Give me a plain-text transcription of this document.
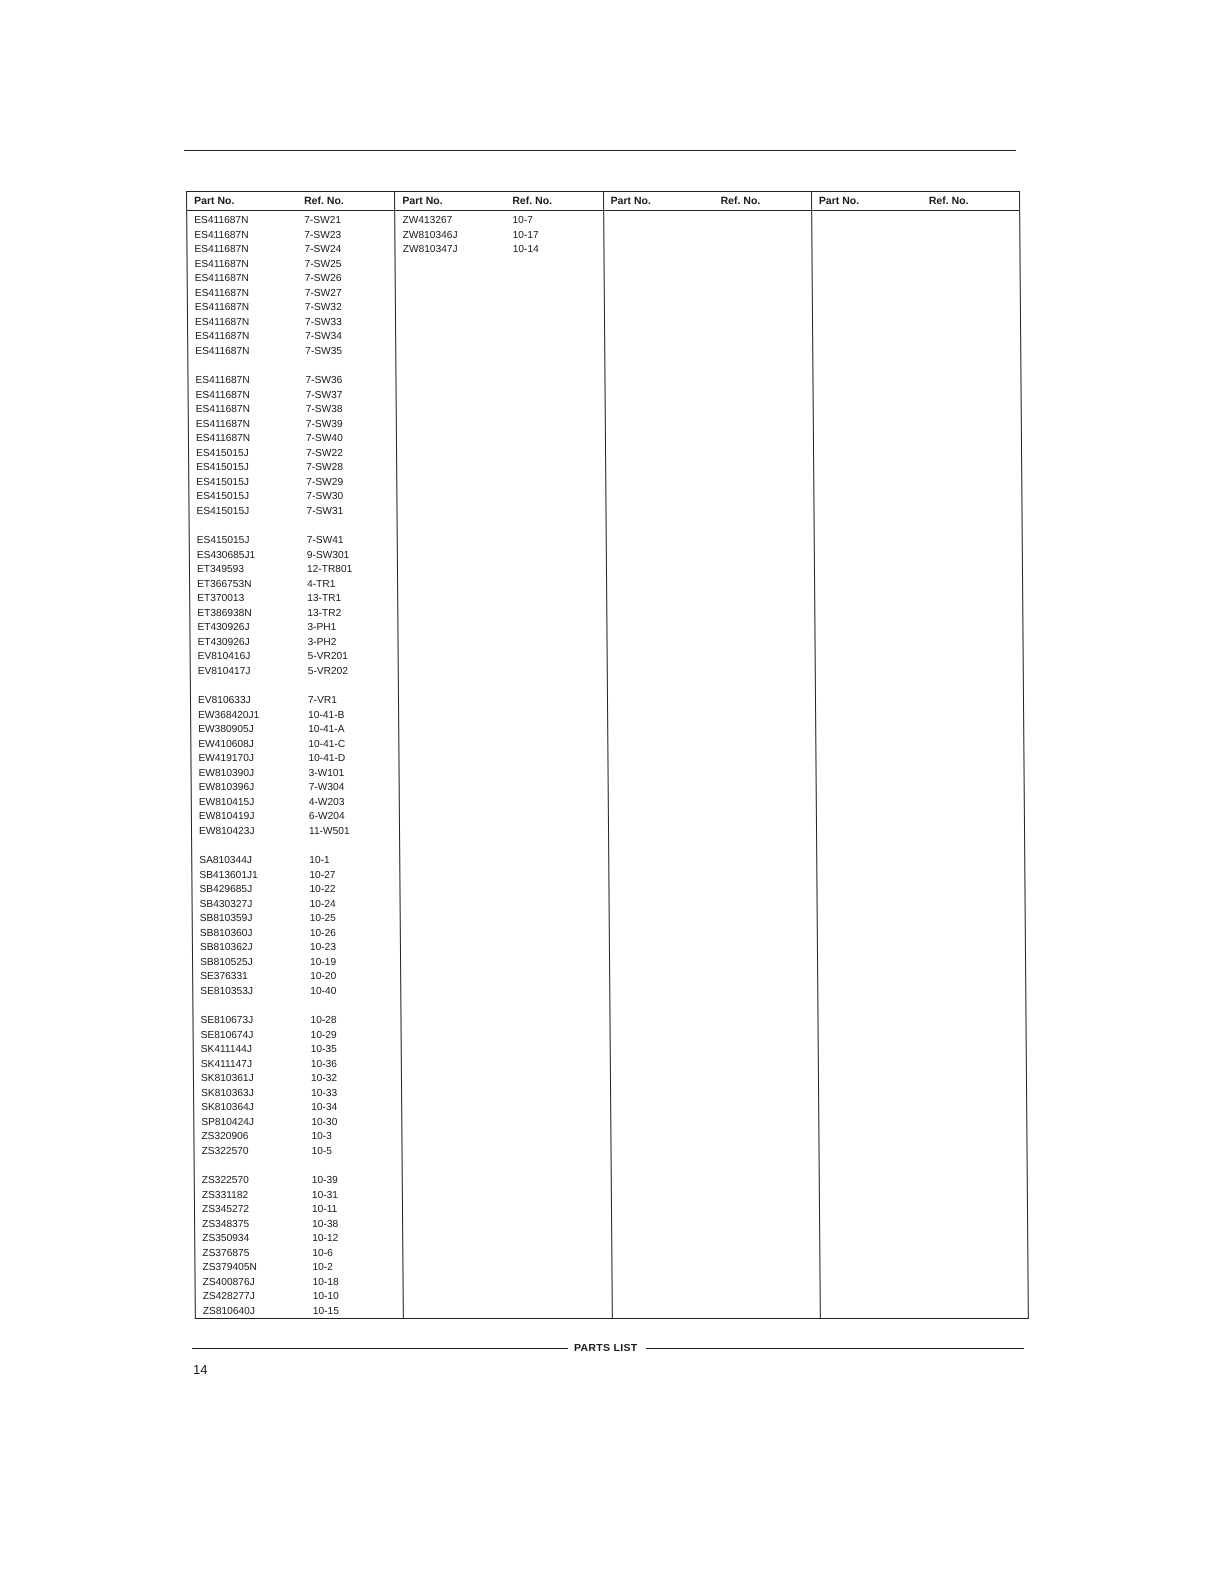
Part No.	Ref. No.
ES411687N	7-SW21
ES411687N	7-SW23
ES411687N	7-SW24
ES411687N	7-SW25
ES411687N	7-SW26
ES411687N	7-SW27
ES411687N	7-SW32
ES411687N	7-SW33
ES411687N	7-SW34
ES411687N	7-SW35
ES411687N	7-SW36
ES411687N	7-SW37
ES411687N	7-SW38
ES411687N	7-SW39
ES411687N	7-SW40
ES415015J	7-SW22
ES415015J	7-SW28
ES415015J	7-SW29
ES415015J	7-SW30
ES415015J	7-SW31
ES415015J	7-SW41
ES430685J1	9-SW301
ET349593	12-TR801
ET366753N	4-TR1
ET370013	13-TR1
ET386938N	13-TR2
ET430926J	3-PH1
ET430926J	3-PH2
EV810416J	5-VR201
EV810417J	5-VR202
EV810633J	7-VR1
EW368420J1	10-41-B
EW380905J	10-41-A
EW410608J	10-41-C
EW419170J	10-41-D
EW810390J	3-W101
EW810396J	7-W304
EW810415J	4-W203
EW810419J	6-W204
EW810423J	11-W501
SA810344J	10-1
SB413601J1	10-27
SB429685J	10-22
SB430327J	10-24
SB810359J	10-25
SB810360J	10-26
SB810362J	10-23
SB810525J	10-19
SE376331	10-20
SE810353J	10-40
SE810673J	10-28
SE810674J	10-29
SK411144J	10-35
SK411147J	10-36
SK810361J	10-32
SK810363J	10-33
SK810364J	10-34
SP810424J	10-30
ZS320906	10-3
ZS322570	10-5
ZS322570	10-39
ZS331182	10-31
ZS345272	10-11
ZS348375	10-38
ZS350934	10-12
ZS376875	10-6
ZS379405N	10-2
ZS400876J	10-18
ZS428277J	10-10
ZS810640J	10-15
Part No.	Ref. No.
ZW413267	10-7
ZW810346J	10-17
ZW810347J	10-14
Part No.	Ref. No.	Part No.	Ref. No.
PARTS LIST
14
